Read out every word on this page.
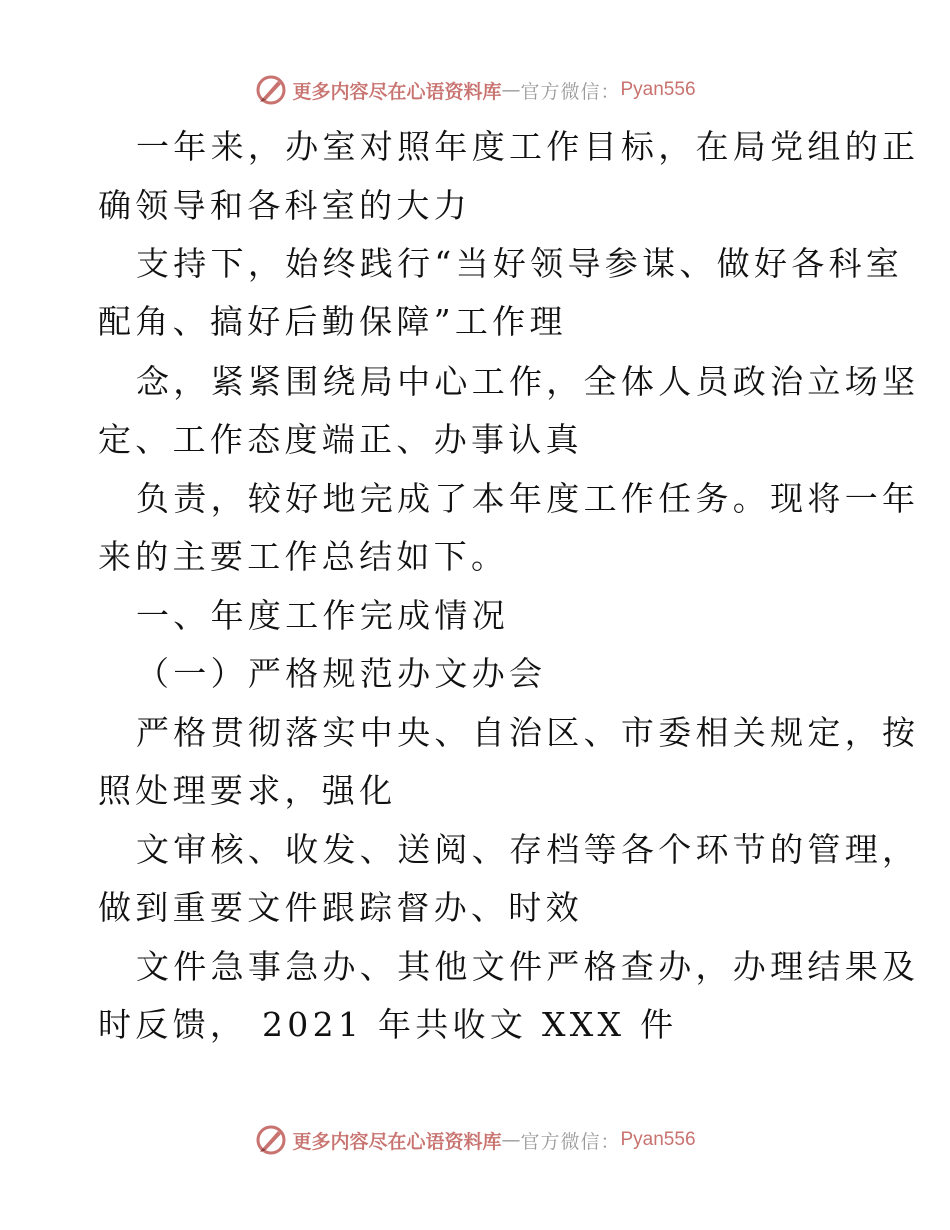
更多内容尽在心语资料库 — 官方微信： Pyan556
一年来，办室对照年度工作目标，在局党组的正
确领导和各科室的大力
支持下，始终践行“当好领导参谋、做好各科室
配角、搞好后勤保障”工作理
念，紧紧围绕局中心工作，全体人员政治立场坚
定、工作态度端正、办事认真
负责，较好地完成了本年度工作任务。现将一年
来的主要工作总结如下。
一、年度工作完成情况
（一）严格规范办文办会
严格贯彻落实中央、自治区、市委相关规定，按
照处理要求，强化
文审核、收发、送阅、存档等各个环节的管理，
做到重要文件跟踪督办、时效
文件急事急办、其他文件严格查办，办理结果及
时反馈， 2021 年共收文 XXX 件
更多内容尽在心语资料库 — 官方微信： Pyan556
